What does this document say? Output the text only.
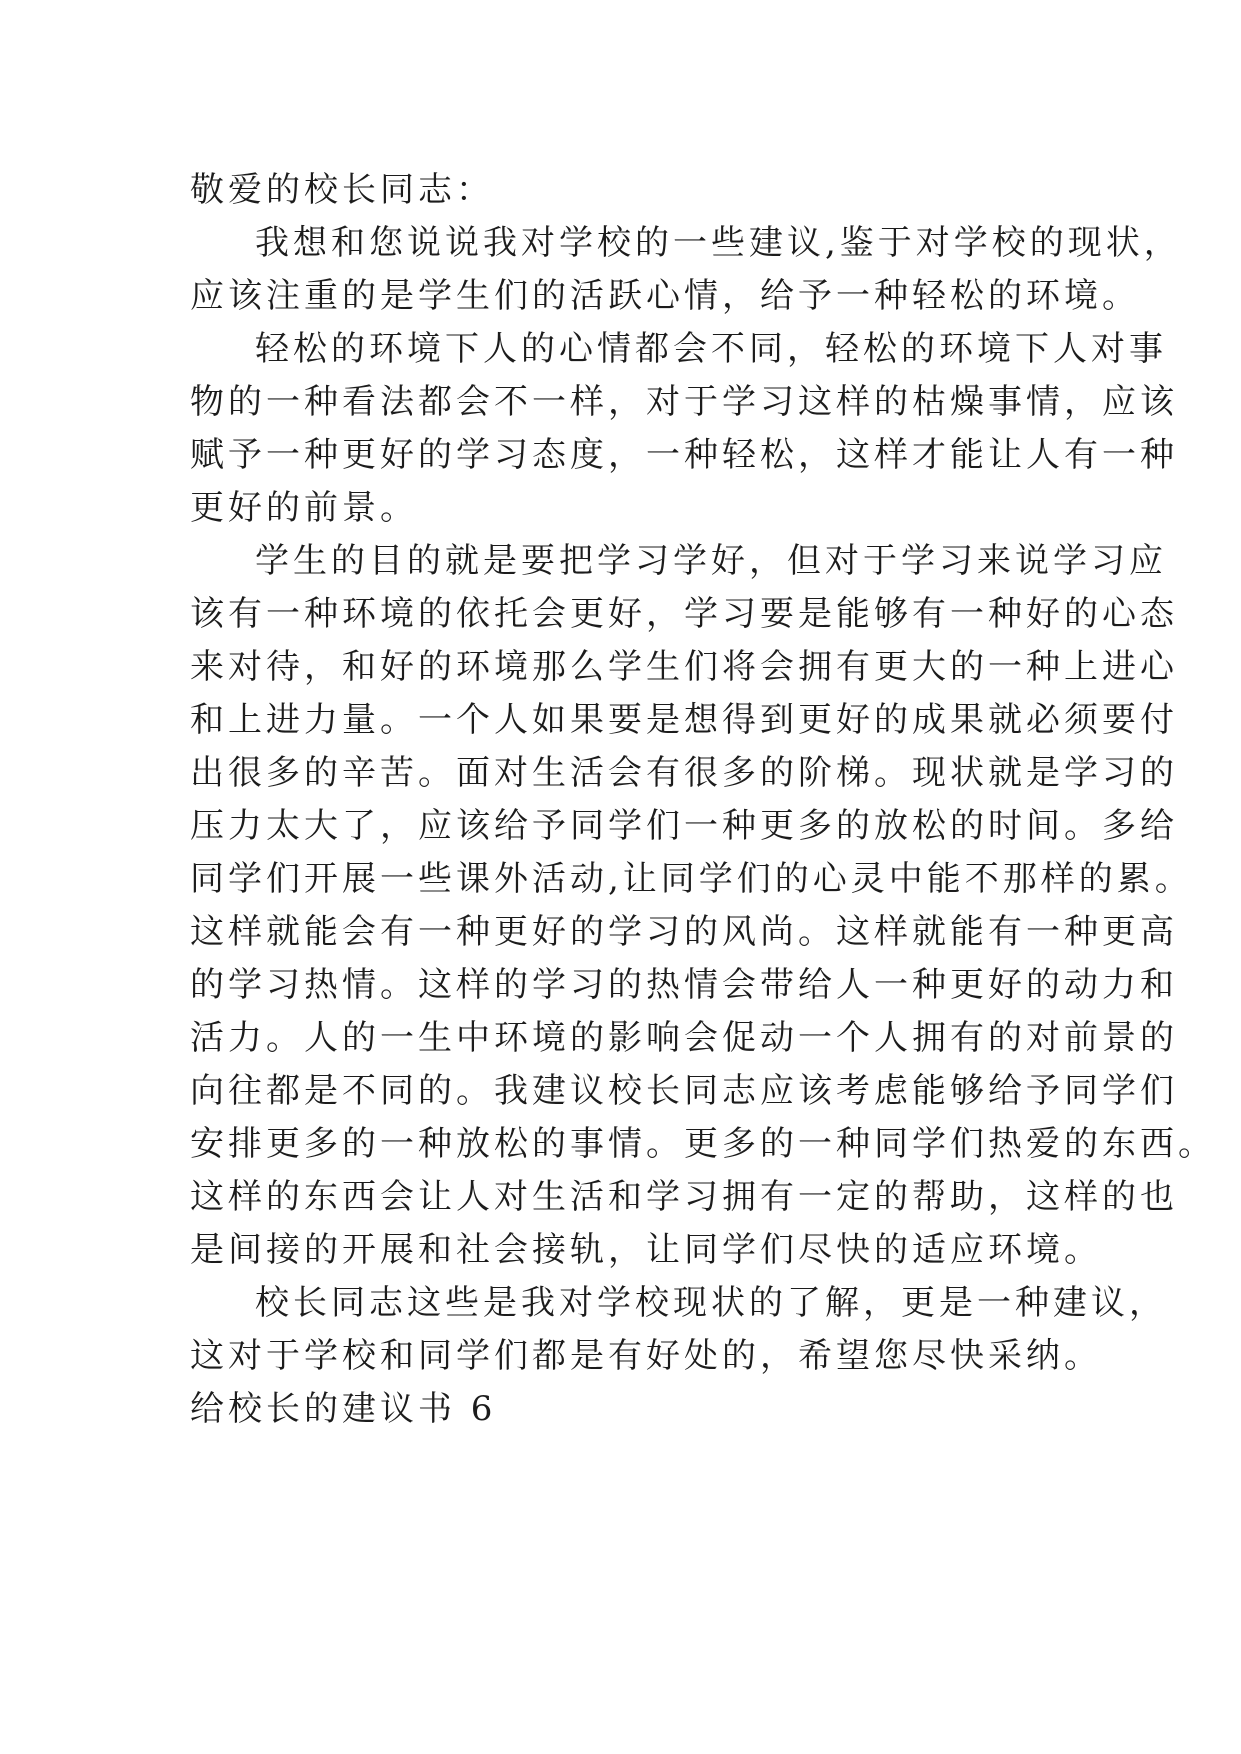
敬爱的校长同志：
我想和您说说我对学校的一些建议,鉴于对学校的现状，
应该注重的是学生们的活跃心情，给予一种轻松的环境。
轻松的环境下人的心情都会不同，轻松的环境下人对事
物的一种看法都会不一样，对于学习这样的枯燥事情，应该
赋予一种更好的学习态度，一种轻松，这样才能让人有一种
更好的前景。
学生的目的就是要把学习学好，但对于学习来说学习应
该有一种环境的依托会更好，学习要是能够有一种好的心态
来对待，和好的环境那么学生们将会拥有更大的一种上进心
和上进力量。一个人如果要是想得到更好的成果就必须要付
出很多的辛苦。面对生活会有很多的阶梯。现状就是学习的
压力太大了，应该给予同学们一种更多的放松的时间。多给
同学们开展一些课外活动,让同学们的心灵中能不那样的累。
这样就能会有一种更好的学习的风尚。这样就能有一种更高
的学习热情。这样的学习的热情会带给人一种更好的动力和
活力。人的一生中环境的影响会促动一个人拥有的对前景的
向往都是不同的。我建议校长同志应该考虑能够给予同学们
安排更多的一种放松的事情。更多的一种同学们热爱的东西。
这样的东西会让人对生活和学习拥有一定的帮助，这样的也
是间接的开展和社会接轨，让同学们尽快的适应环境。
校长同志这些是我对学校现状的了解，更是一种建议，
这对于学校和同学们都是有好处的，希望您尽快采纳。
给校长的建议书 6
